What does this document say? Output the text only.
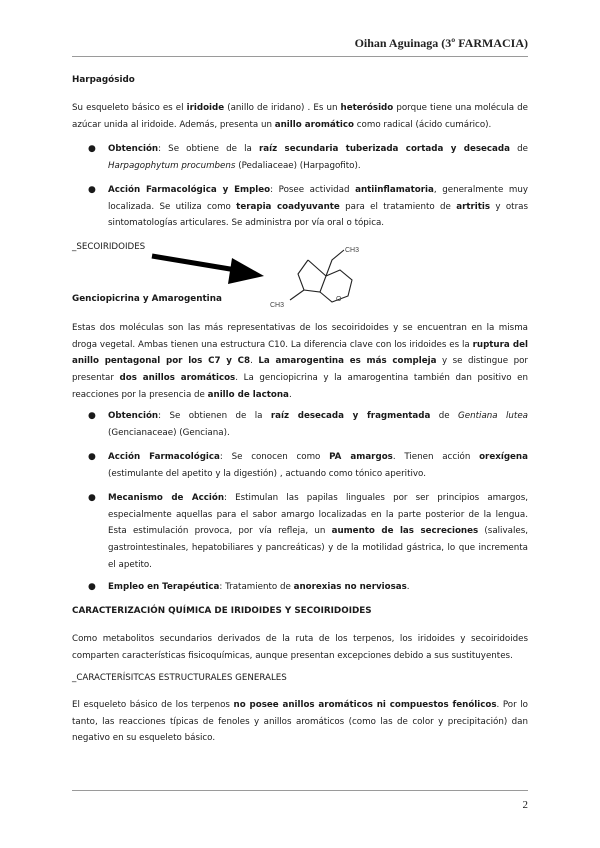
Oihan Aguinaga (3º FARMACIA)
Harpagósido
Su esqueleto básico es el iridoide (anillo de iridano) . Es un heterósido porque tiene una molécula de azúcar unida al iridoide. Además, presenta un anillo aromático como radical (ácido cumárico).
●	Obtención: Se obtiene de la raíz secundaria tuberizada cortada y desecada de Harpagophytum procumbens (Pedaliaceae) (Harpagofito).
●	Acción Farmacológica y Empleo: Posee actividad antiinflamatoria, generalmente muy localizada. Se utiliza como terapia coadyuvante para el tratamiento de artritis y otras sintomatologías articulares. Se administra por vía oral o tópica.
_SECOIRIDOIDES	CH3
CH3
O
Genciopicrina y Amarogentina
Estas dos moléculas son las más representativas de los secoiridoides y se encuentran en la misma droga vegetal. Ambas tienen una estructura C10. La diferencia clave con los iridoides es la ruptura del anillo pentagonal por los C7 y C8. La amarogentina es más compleja y se distingue por presentar dos anillos aromáticos. La genciopicrina y la amarogentina también dan positivo en reacciones por la presencia de anillo de lactona.
●	Obtención: Se obtienen de la raíz desecada y fragmentada de Gentiana lutea (Gencianaceae) (Genciana).
●	Acción Farmacológica: Se conocen como PA amargos. Tienen acción orexígena (estimulante del apetito y la digestión) , actuando como tónico aperitivo.
●	Mecanismo de Acción: Estimulan las papilas linguales por ser principios amargos, especialmente aquellas para el sabor amargo localizadas en la parte posterior de la lengua. Esta estimulación provoca, por vía refleja, un aumento de las secreciones (salivales, gastrointestinales, hepatobiliares y pancreáticas) y de la motilidad gástrica, lo que incrementa el apetito.
●	Empleo en Terapéutica: Tratamiento de anorexias no nerviosas.
CARACTERIZACIÓN QUÍMICA DE IRIDOIDES Y SECOIRIDOIDES
Como metabolitos secundarios derivados de la ruta de los terpenos, los iridoides y secoiridoides comparten características fisicoquímicas, aunque presentan excepciones debido a sus sustituyentes.
_CARACTERÍSITCAS ESTRUCTURALES GENERALES
El esqueleto básico de los terpenos no posee anillos aromáticos ni compuestos fenólicos. Por lo tanto, las reacciones típicas de fenoles y anillos aromáticos (como las de color y precipitación) dan negativo en su esqueleto básico.
2
